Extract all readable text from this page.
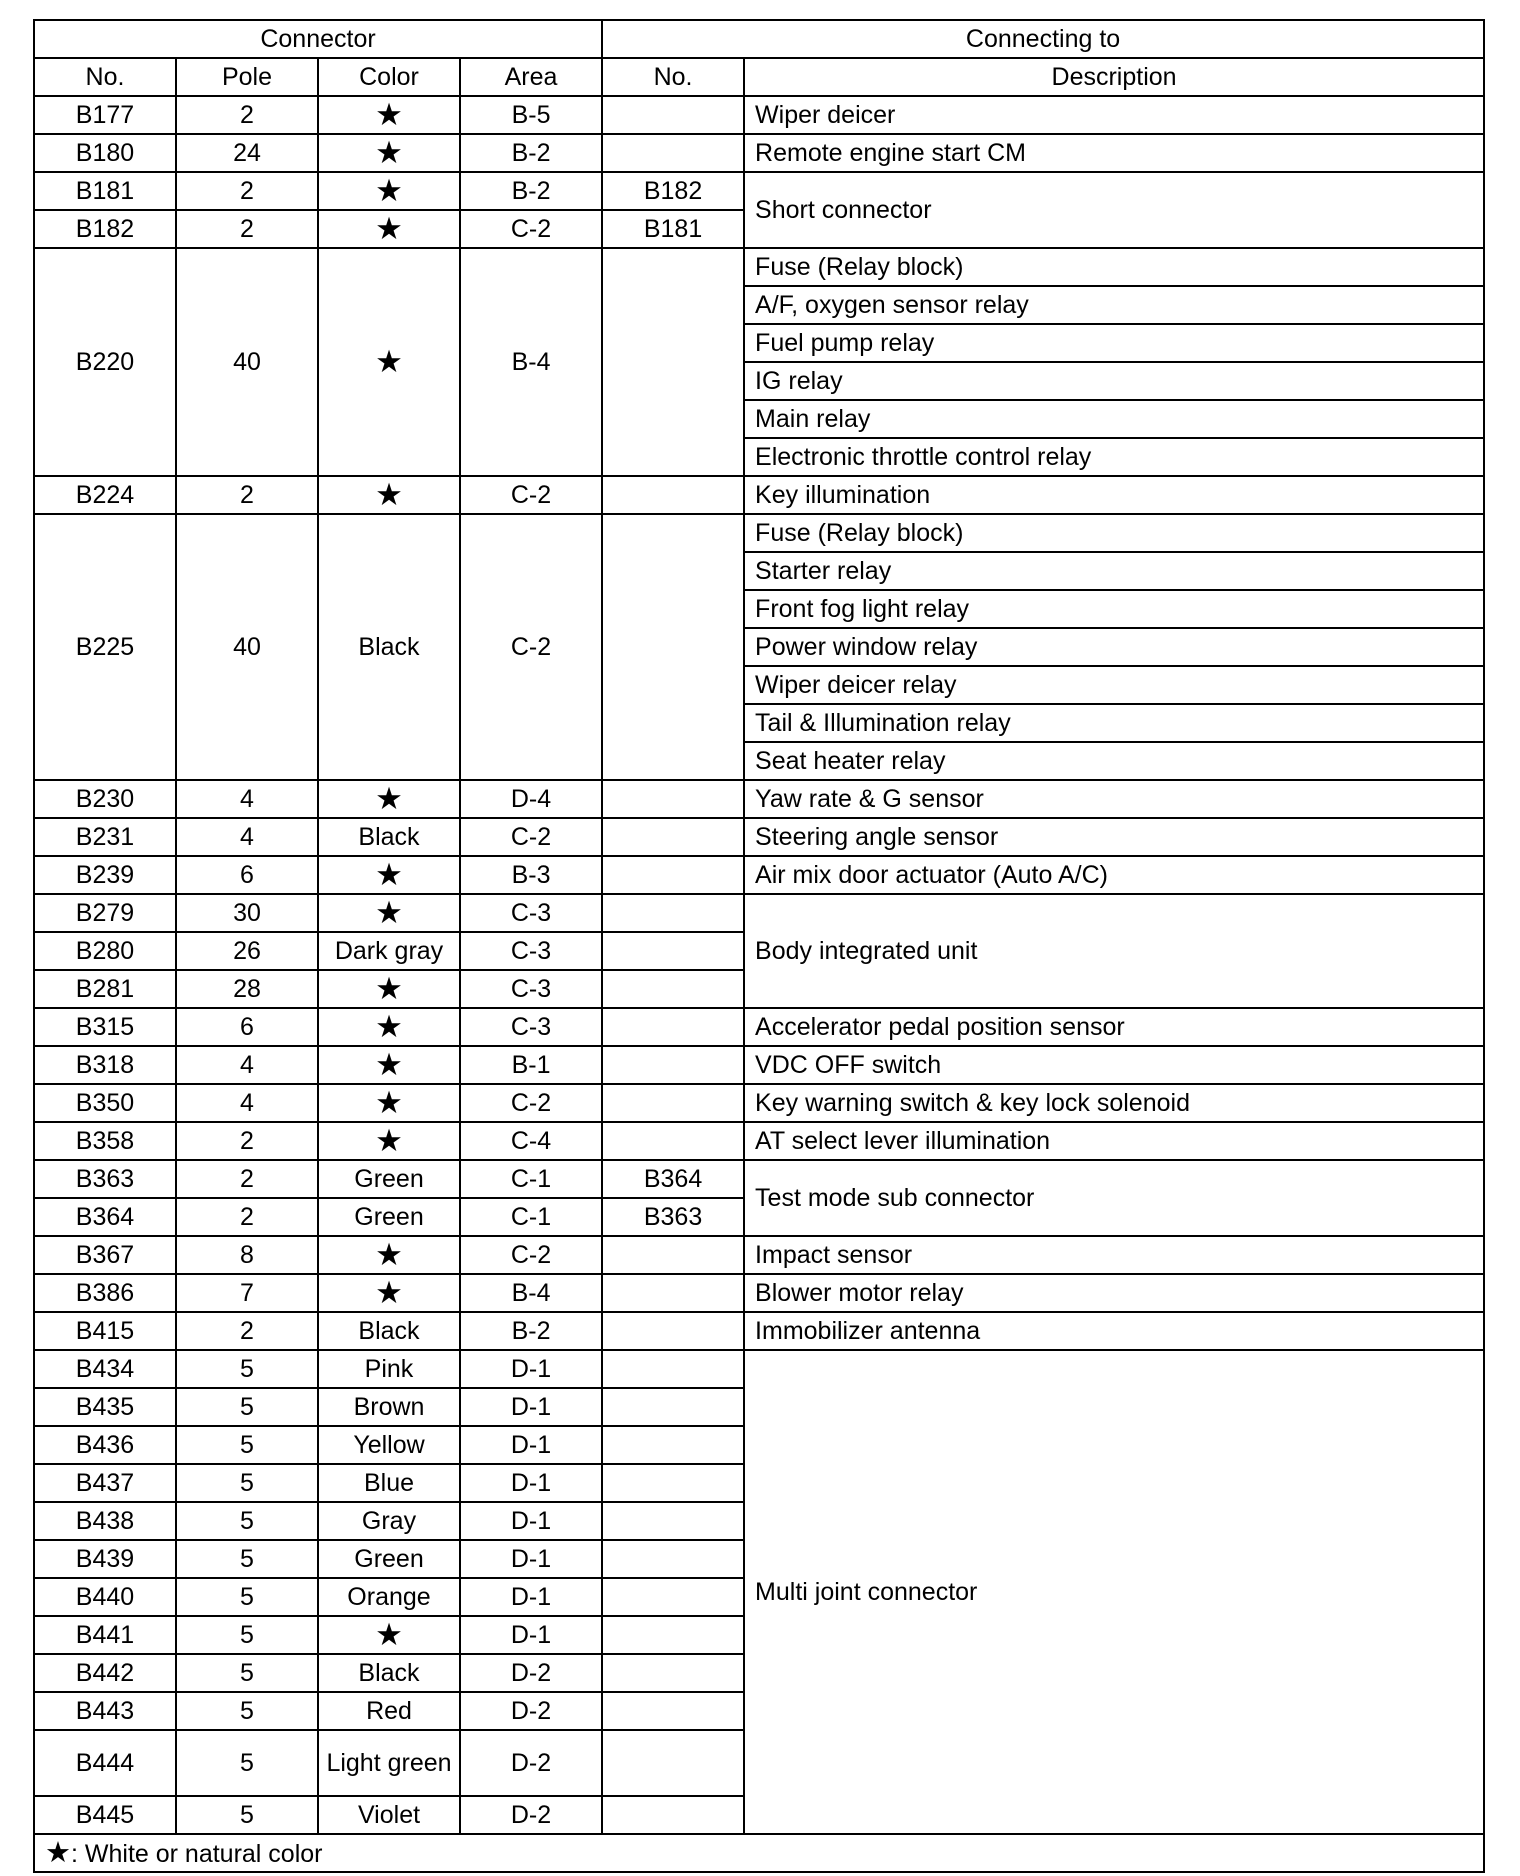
Connector				Connecting to	
No.	Pole	Color	Area	No.	Description
B177	2	★	B-5		Wiper deicer
B180	24	★	B-2		Remote engine start CM
B181	2	★	B-2	B182	Short connector
B182	2	★	C-2	B181	
B220	40	★	B-4		Fuse (Relay block)
					A/F, oxygen sensor relay
					Fuel pump relay
					IG relay
					Main relay
					Electronic throttle control relay
B224	2	★	C-2		Key illumination
B225	40	Black	C-2		Fuse (Relay block)
					Starter relay
					Front fog light relay
					Power window relay
					Wiper deicer relay
					Tail & Illumination relay
					Seat heater relay
B230	4	★	D-4		Yaw rate & G sensor
B231	4	Black	C-2		Steering angle sensor
B239	6	★	B-3		Air mix door actuator (Auto A/C)
B279	30	★	C-3		Body integrated unit
B280	26	Dark gray	C-3		
B281	28	★	C-3		
B315	6	★	C-3		Accelerator pedal position sensor
B318	4	★	B-1		VDC OFF switch
B350	4	★	C-2		Key warning switch & key lock solenoid
B358	2	★	C-4		AT select lever illumination
B363	2	Green	C-1	B364	Test mode sub connector
B364	2	Green	C-1	B363	
B367	8	★	C-2		Impact sensor
B386	7	★	B-4		Blower motor relay
B415	2	Black	B-2		Immobilizer antenna
B434	5	Pink	D-1		Multi joint connector
B435	5	Brown	D-1		
B436	5	Yellow	D-1		
B437	5	Blue	D-1		
B438	5	Gray	D-1		
B439	5	Green	D-1		
B440	5	Orange	D-1		
B441	5	★	D-1		
B442	5	Black	D-2		
B443	5	Red	D-2		
B444	5	Light green	D-2		
B445	5	Violet	D-2		
★: White or natural color					
